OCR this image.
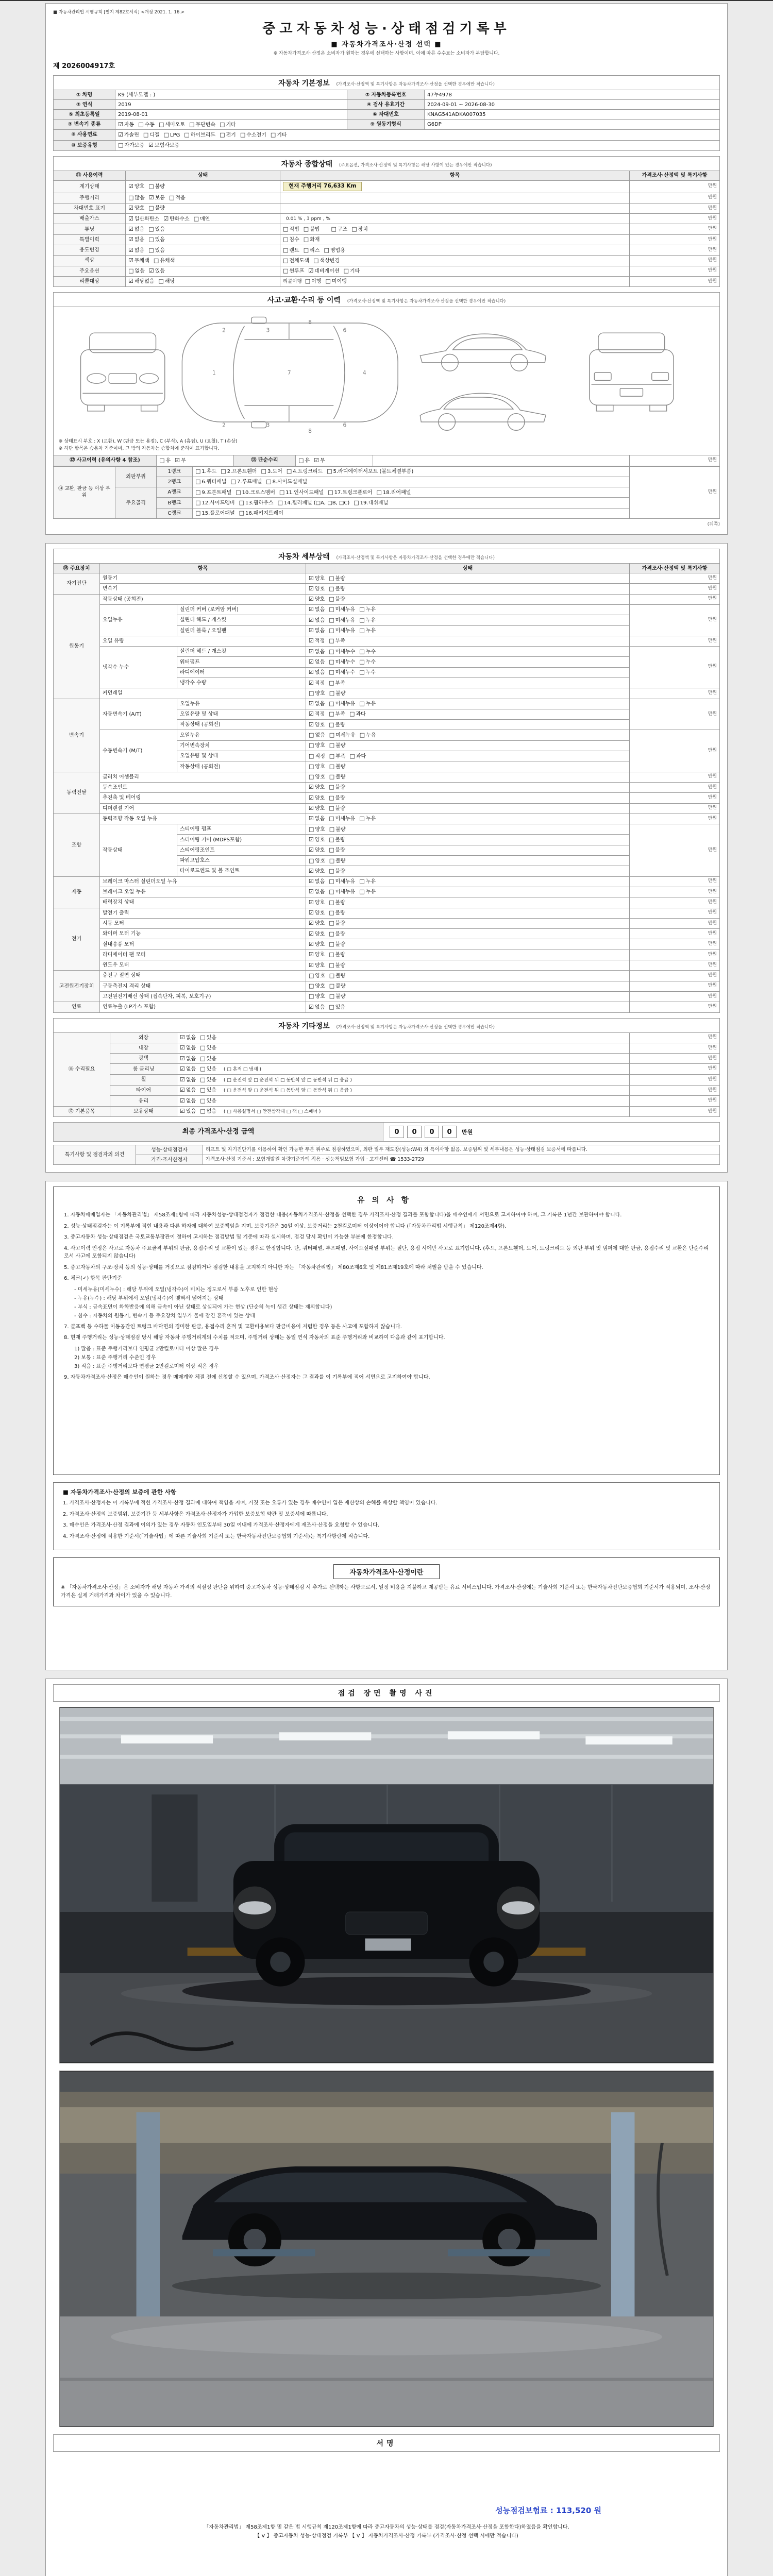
■ 자동차관리법 시행규칙 [별지 제82호서식] <개정 2021. 1. 16.>
중고자동차성능·상태점검기록부
■ 자동차가격조사·산정 선택 ■
※ 자동차가격조사·산정은 소비자가 원하는 경우에 선택하는 사항이며, 이에 따른 수수료는 소비자가 부담합니다.
제 2026004917호
자동차 기본정보 (가격조사·산정액 및 특기사항은 자동차가격조사·산정을 선택한 경우에만 적습니다)
① 차명	K9 (세부모델 : )	② 자동차등록번호	47누4978
③ 연식	2019	④ 검사 유효기간	2024-09-01 ~ 2026-08-30
⑤ 최초등록일	2019-08-01	⑥ 차대번호	KNAG541ADKA007035
⑦ 변속기 종류	☑ 자동 □ 수동 □ 세미오토 □ 무단변속 □ 기타	⑨ 원동기형식	G6DP
⑧ 사용연료	☑ 가솔린 □ 디젤 □ LPG □ 하이브리드 □ 전기 □ 수소전기 □ 기타		
⑩ 보증유형	□ 자가보증 ☑ 보험사보증		
자동차 종합상태 (주요옵션, 가격조사·산정액 및 특기사항은 해당 사항이 있는 경우에만 적습니다)
⑪ 사용이력	상태	항목	가격조사·산정액 및 특기사항
계기상태	☑ 양호 □ 불량	현재 주행거리 76,633 Km	만원
주행거리	□ 많음 ☑ 보통 □ 적음		만원
차대번호 표기	☑ 양호 □ 불량		만원
배출가스	☑ 일산화탄소 ☑ 탄화수소 □ 매연	0.01 % , 3 ppm , %	만원
튜닝	☑ 없음 □ 있음	□ 적법 □ 불법 □ 구조 □ 장치	만원
특별이력	☑ 없음 □ 있음	□ 침수 □ 화재	만원
용도변경	☑ 없음 □ 있음	□ 렌트 □ 리스 □ 영업용	만원
색상	☑ 무채색 □ 유채색	□ 전체도색 □ 색상변경	만원
주요옵션	□ 없음 ☑ 있음	□ 썬루프 ☑ 네비게이션 □ 기타	만원
리콜대상	☑ 해당없음 □ 해당	리콜이행 □ 이행 □ 미이행	만원
사고·교환·수리 등 이력 (가격조사·산정액 및 특기사항은 자동차가격조사·산정을 선택한 경우에만 적습니다)
1	7	4
2
2
3
3
6
6
8
8
※ 상태표시 부호 : X (교환), W (판금 또는 용접), C (부식), A (흠집), U (요철), T (손상)
※ 하단 항목은 승용차 기준이며, 그 밖의 자동차는 승합차에 준하여 표기합니다.
⑫ 사고이력 (유의사항 4 참조)	□ 유 ☑ 무	⑬ 단순수리	□ 유 ☑ 무		만원
⑭ 교환, 판금 등 이상 부위	외판부위	1랭크	□ 1.후드 □ 2.프론트휀더 □ 3.도어 □ 4.트렁크리드 □ 5.라디에이터서포트 (볼트체결부품)	만원
		2랭크	□ 6.쿼터패널 □ 7.루프패널 □ 8.사이드실패널	
	주요골격	A랭크	□ 9.프론트패널 □ 10.크로스멤버 □ 11.인사이드패널 □ 17.트렁크플로어 □ 18.리어패널	
		B랭크	□ 12.사이드멤버 □ 13.휠하우스 □ 14.필러패널 (□A, □B, □C) □ 19.대쉬패널	
		C랭크	□ 15.플로어패널 □ 16.패키지트레이	
(뒤쪽)
자동차 세부상태 (가격조사·산정액 및 특기사항은 자동차가격조사·산정을 선택한 경우에만 적습니다)
⑮ 주요장치	항목		상태	가격조사·산정액 및 특기사항
자기진단	원동기		☑ 양호 □ 불량	만원
	변속기		☑ 양호 □ 불량	만원
원동기	작동상태 (공회전)		☑ 양호 □ 불량	만원
	오일누유	실린더 커버 (로커암 커버)	☑ 없음 □ 미세누유 □ 누유	만원
		실린더 헤드 / 개스킷	☑ 없음 □ 미세누유 □ 누유	
		실린더 블록 / 오일팬	☑ 없음 □ 미세누유 □ 누유	
	오일 유량		☑ 적정 □ 부족	만원
	냉각수 누수	실린더 헤드 / 개스킷	☑ 없음 □ 미세누수 □ 누수	만원
		워터펌프	☑ 없음 □ 미세누수 □ 누수	
		라디에이터	☑ 없음 □ 미세누수 □ 누수	
		냉각수 수량	☑ 적정 □ 부족	
	커먼레일		□ 양호 □ 불량	만원
변속기	자동변속기 (A/T)	오일누유	☑ 없음 □ 미세누유 □ 누유	만원
		오일유량 및 상태	☑ 적정 □ 부족 □ 과다	
		작동상태 (공회전)	☑ 양호 □ 불량	
	수동변속기 (M/T)	오일누유	□ 없음 □ 미세누유 □ 누유	만원
		기어변속장치	□ 양호 □ 불량	
		오일유량 및 상태	□ 적정 □ 부족 □ 과다	
		작동상태 (공회전)	□ 양호 □ 불량	
동력전달	클러치 어셈블리		□ 양호 □ 불량	만원
	등속조인트		☑ 양호 □ 불량	만원
	추진축 및 베어링		☑ 양호 □ 불량	만원
	디퍼렌셜 기어		☑ 양호 □ 불량	만원
조향	동력조향 작동 오일 누유		☑ 없음 □ 미세누유 □ 누유	만원
	작동상태	스티어링 펌프	□ 양호 □ 불량	만원
		스티어링 기어 (MDPS포함)	☑ 양호 □ 불량	
		스티어링조인트	☑ 양호 □ 불량	
		파워고압호스	□ 양호 □ 불량	
		타이로드엔드 및 볼 조인트	☑ 양호 □ 불량	
제동	브레이크 마스터 실린더오일 누유		☑ 없음 □ 미세누유 □ 누유	만원
	브레이크 오일 누유		☑ 없음 □ 미세누유 □ 누유	만원
	배력장치 상태		☑ 양호 □ 불량	만원
전기	발전기 출력		☑ 양호 □ 불량	만원
	시동 모터		☑ 양호 □ 불량	만원
	와이퍼 모터 기능		☑ 양호 □ 불량	만원
	실내송풍 모터		☑ 양호 □ 불량	만원
	라디에이터 팬 모터		☑ 양호 □ 불량	만원
	윈도우 모터		☑ 양호 □ 불량	만원
고전원전기장치	충전구 절연 상태		□ 양호 □ 불량	만원
	구동축전지 격리 상태		□ 양호 □ 불량	만원
	고전원전기배선 상태 (접속단자, 피복, 보호기구)		□ 양호 □ 불량	만원
연료	연료누출 (LP가스 포함)		☑ 없음 □ 있음	만원
자동차 기타정보 (가격조사·산정액 및 특기사항은 자동차가격조사·산정을 선택한 경우에만 적습니다)
⑯ 수리필요	외장	☑ 없음 □ 있음	만원
	내장	☑ 없음 □ 있음	만원
	광택	☑ 없음 □ 있음	만원
	룸 클리닝	☑ 없음 □ 있음 ( □ 흔적 □ 냄새 )	만원
	휠	☑ 없음 □ 있음 ( □ 운전석 앞 □ 운전석 뒤 □ 동반석 앞 □ 동반석 뒤 □ 응급 )	만원
	타이어	☑ 없음 □ 있음 ( □ 운전석 앞 □ 운전석 뒤 □ 동반석 앞 □ 동반석 뒤 □ 응급 )	만원
	유리	☑ 없음 □ 있음	만원
⑰ 기본품목	보유상태	☑ 있음 □ 없음 ( □ 사용설명서 □ 안전삼각대 □ 잭 □ 스패너 )	만원
최종 가격조사·산정 금액	0 0 0 0 만원
특기사항 및 점검자의 의견	성능·상태점검자	리프트 및 자기진단기를 이용하여 확인 가능한 부분 위주로 점검하였으며, 외판 일부 재도장(성능:W4) 외 특이사항 없음. 보증범위 및 세부내용은 성능·상태점검 보증서에 따릅니다.
	가격·조사산정자	가격조사·산정 기준서 : 보험개발원 차량기준가액 적용 · 성능책임보험 가입 · 고객센터 ☎ 1533-2729
유의사항
1. 자동차매매업자는 「자동차관리법」 제58조제1항에 따라 자동차성능·상태점검자가 점검한 내용(자동차가격조사·산정을 선택한 경우 가격조사·산정 결과를 포함합니다)을 매수인에게 서면으로 고지하여야 하며, 그 기록은 1년간 보관하여야 합니다.
2. 성능·상태점검자는 이 기록부에 적힌 내용과 다른 하자에 대하여 보증책임을 지며, 보증기간은 30일 이상, 보증거리는 2천킬로미터 이상이어야 합니다 (「자동차관리법 시행규칙」 제120조제4항).
3. 중고자동차 성능·상태점검은 국토교통부장관이 정하여 고시하는 점검방법 및 기준에 따라 실시하며, 점검 당시 확인이 가능한 부분에 한정합니다.
4. 사고이력 인정은 사고로 자동차 주요골격 부위의 판금, 용접수리 및 교환이 있는 경우로 한정합니다. 단, 쿼터패널, 루프패널, 사이드실패널 부위는 절단, 용접 시에만 사고로 표기합니다. (후드, 프론트휀더, 도어, 트렁크리드 등 외판 부위 및 범퍼에 대한 판금, 용접수리 및 교환은 단순수리로서 사고에 포함되지 않습니다)
5. 중고자동차의 구조·장치 등의 성능·상태를 거짓으로 점검하거나 점검한 내용을 고지하지 아니한 자는 「자동차관리법」 제80조제6호 및 제81조제19호에 따라 처벌을 받을 수 있습니다.
6. 체크(✓) 항목 판단기준
- 미세누유(미세누수) : 해당 부위에 오일(냉각수)이 비치는 정도로서 부품 노후로 인한 현상
- 누유(누수) : 해당 부위에서 오일(냉각수)이 맺혀서 떨어지는 상태
- 부식 : 금속표면이 화학반응에 의해 금속이 아닌 상태로 상실되어 가는 현상 (단순히 녹이 생긴 상태는 제외합니다)
- 침수 : 자동차의 원동기, 변속기 등 주요장치 일부가 물에 잠긴 흔적이 있는 상태
7. 골프백 등 수하물 이동공간인 트렁크 바닥면의 경미한 판금, 용접수리 흔적 및 교환비용보다 판금비용이 저렴한 경우 등은 사고에 포함하지 않습니다.
8. 현재 주행거리는 성능·상태점검 당시 해당 자동차 주행거리계의 수치를 적으며, 주행거리 상태는 동일 연식 자동차의 표준 주행거리와 비교하여 다음과 같이 표기합니다.
1) 많음 : 표준 주행거리보다 연평균 2만킬로미터 이상 많은 경우
2) 보통 : 표준 주행거리 수준인 경우
3) 적음 : 표준 주행거리보다 연평균 2만킬로미터 이상 적은 경우
9. 자동차가격조사·산정은 매수인이 원하는 경우 매매계약 체결 전에 신청할 수 있으며, 가격조사·산정자는 그 결과를 이 기록부에 적어 서면으로 고지하여야 합니다.
■ 자동차가격조사·산정의 보증에 관한 사항
1. 가격조사·산정자는 이 기록부에 적힌 가격조사·산정 결과에 대하여 책임을 지며, 거짓 또는 오류가 있는 경우 매수인이 입은 재산상의 손해를 배상할 책임이 있습니다.
2. 가격조사·산정의 보증범위, 보증기간 등 세부사항은 가격조사·산정자가 가입한 보증보험 약관 및 보증서에 따릅니다.
3. 매수인은 가격조사·산정 결과에 이의가 있는 경우 자동차 인도일부터 30일 이내에 가격조사·산정자에게 재조사·산정을 요청할 수 있습니다.
4. 가격조사·산정에 적용한 기준서(「기술사법」에 따른 기술사회 기준서 또는 한국자동차진단보증협회 기준서)는 특기사항란에 적습니다.
자동차가격조사·산정이란
※ 「자동차가격조사·산정」은 소비자가 해당 자동차 가격의 적절성 판단을 위하여 중고자동차 성능·상태점검 시 추가로 선택하는 사항으로서, 일정 비용을 지불하고 제공받는 유료 서비스입니다. 가격조사·산정에는 기술사회 기준서 또는 한국자동차진단보증협회 기준서가 적용되며, 조사·산정 가격은 실제 거래가격과 차이가 있을 수 있습니다.
점검 장면 촬영 사진
서명
성능점검보험료 : 113,520 원
「자동차관리법」 제58조제1항 및 같은 법 시행규칙 제120조제1항에 따라 중고자동차의 성능·상태를 점검(자동차가격조사·산정을 포함한다)하였음을 확인합니다.
【 V 】 중고자동차 성능·상태점검 기록부 【 V 】 자동차가격조사·산정 기록부 (가격조사·산정 선택 시에만 적습니다)
